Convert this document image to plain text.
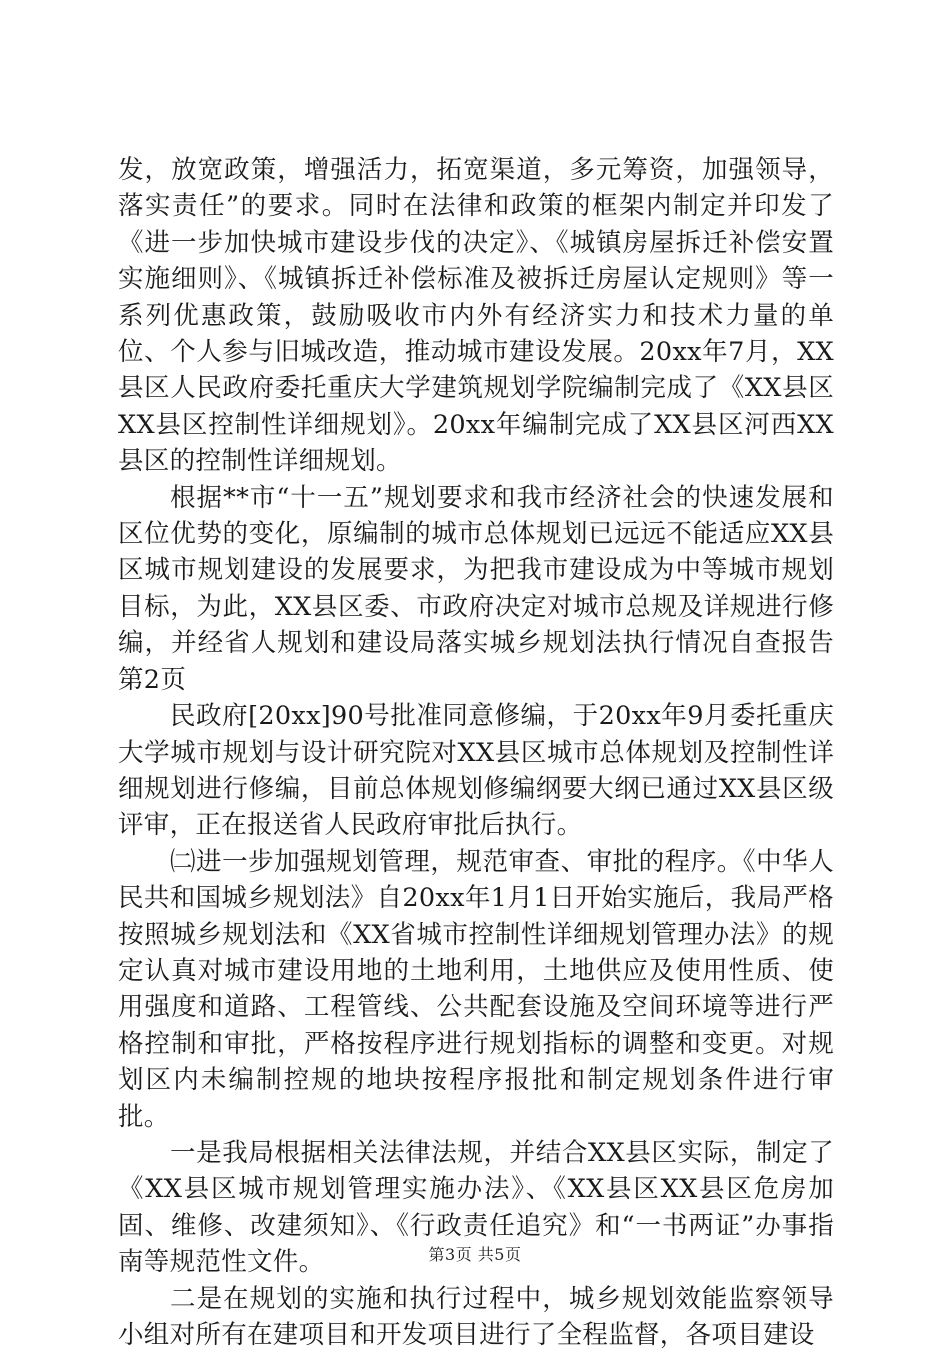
发，放宽政策，增强活力，拓宽渠道，多元筹资，加强领导，落实责任”的要求。同时在法律和政策的框架内制定并印发了《进一步加快城市建设步伐的决定》、《城镇房屋拆迁补偿安置实施细则》、《城镇拆迁补偿标准及被拆迁房屋认定规则》等一系列优惠政策，鼓励吸收市内外有经济实力和技术力量的单位、个人参与旧城改造，推动城市建设发展。20xx年7月，XX县区人民政府委托重庆大学建筑规划学院编制完成了《XX县区XX县区控制性详细规划》。20xx年编制完成了XX县区河西XX县区的控制性详细规划。

根据**市“十一五”规划要求和我市经济社会的快速发展和区位优势的变化，原编制的城市总体规划已远远不能适应XX县区城市规划建设的发展要求，为把我市建设成为中等城市规划目标，为此，XX县区委、市政府决定对城市总规及详规进行修编，并经省人规划和建设局落实城乡规划法执行情况自查报告第2页

民政府[20xx]90号批准同意修编，于20xx年9月委托重庆大学城市规划与设计研究院对XX县区城市总体规划及控制性详细规划进行修编，目前总体规划修编纲要大纲已通过XX县区级评审，正在报送省人民政府审批后执行。

㈡进一步加强规划管理，规范审查、审批的程序。《中华人民共和国城乡规划法》自20xx年1月1日开始实施后，我局严格按照城乡规划法和《XX省城市控制性详细规划管理办法》的规定认真对城市建设用地的土地利用，土地供应及使用性质、使用强度和道路、工程管线、公共配套设施及空间环境等进行严格控制和审批，严格按程序进行规划指标的调整和变更。对规划区内未编制控规的地块按程序报批和制定规划条件进行审批。

一是我局根据相关法律法规，并结合XX县区实际，制定了《XX县区城市规划管理实施办法》、《XX县区XX县区危房加固、维修、改建须知》、《行政责任追究》和“一书两证”办事指南等规范性文件。

二是在规划的实施和执行过程中，城乡规划效能监察领导小组对所有在建项目和开发项目进行了全程监督，各项目建设

第3页 共5页
